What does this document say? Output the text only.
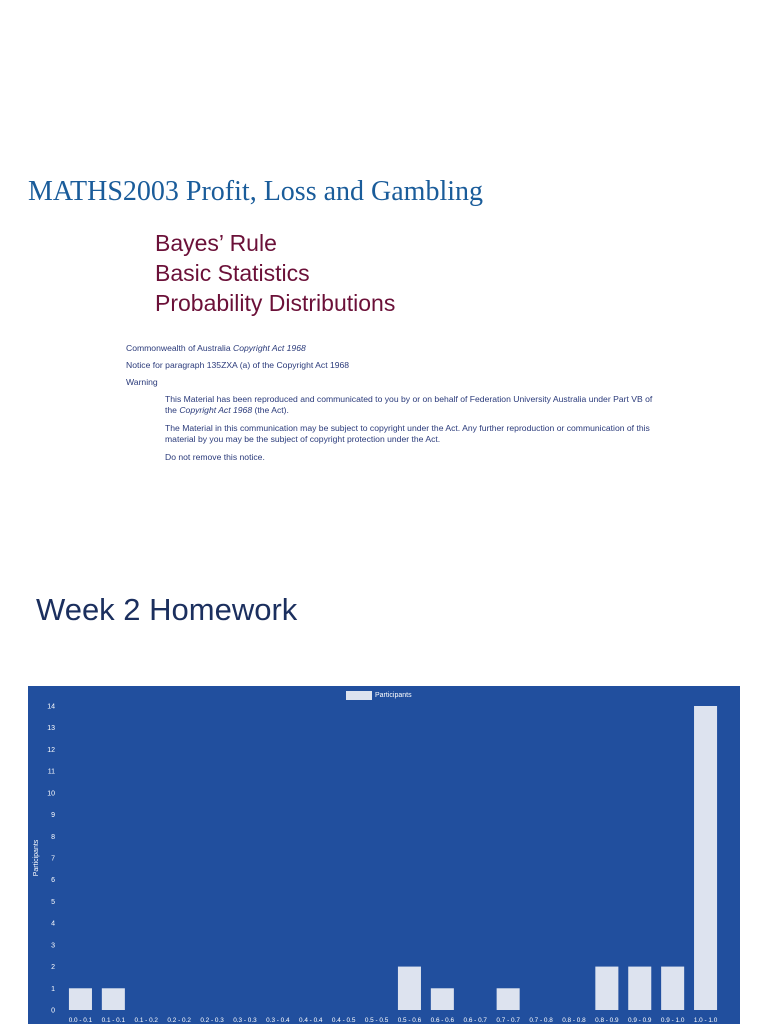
MATHS2003 Profit, Loss and Gambling
Bayes’ Rule
Basic Statistics
Probability Distributions

Commonwealth of Australia Copyright Act 1968

Notice for paragraph 135ZXA (a) of the Copyright Act 1968

Warning

This Material has been reproduced and communicated to you by or on behalf of Federation University Australia under Part VB of the Copyright Act 1968 (the Act).

The Material in this communication may be subject to copyright under the Act. Any further reproduction or communication of this material by you may be the subject of copyright protection under the Act.

Do not remove this notice.

Week 2 Homework
Participants
0
1
2
3
4
5
6
7
8
9
10
11
12
13
14
Participants
0.0 - 0.1 0.1 - 0.1 0.1 - 0.2 0.2 - 0.2 0.2 - 0.3 0.3 - 0.3 0.3 - 0.4 0.4 - 0.4 0.4 - 0.5 0.5 - 0.5 0.5 - 0.6 0.6 - 0.6 0.6 - 0.7 0.7 - 0.7 0.7 - 0.8 0.8 - 0.8 0.8 - 0.9 0.9 - 0.9 0.9 - 1.0 1.0 - 1.0
